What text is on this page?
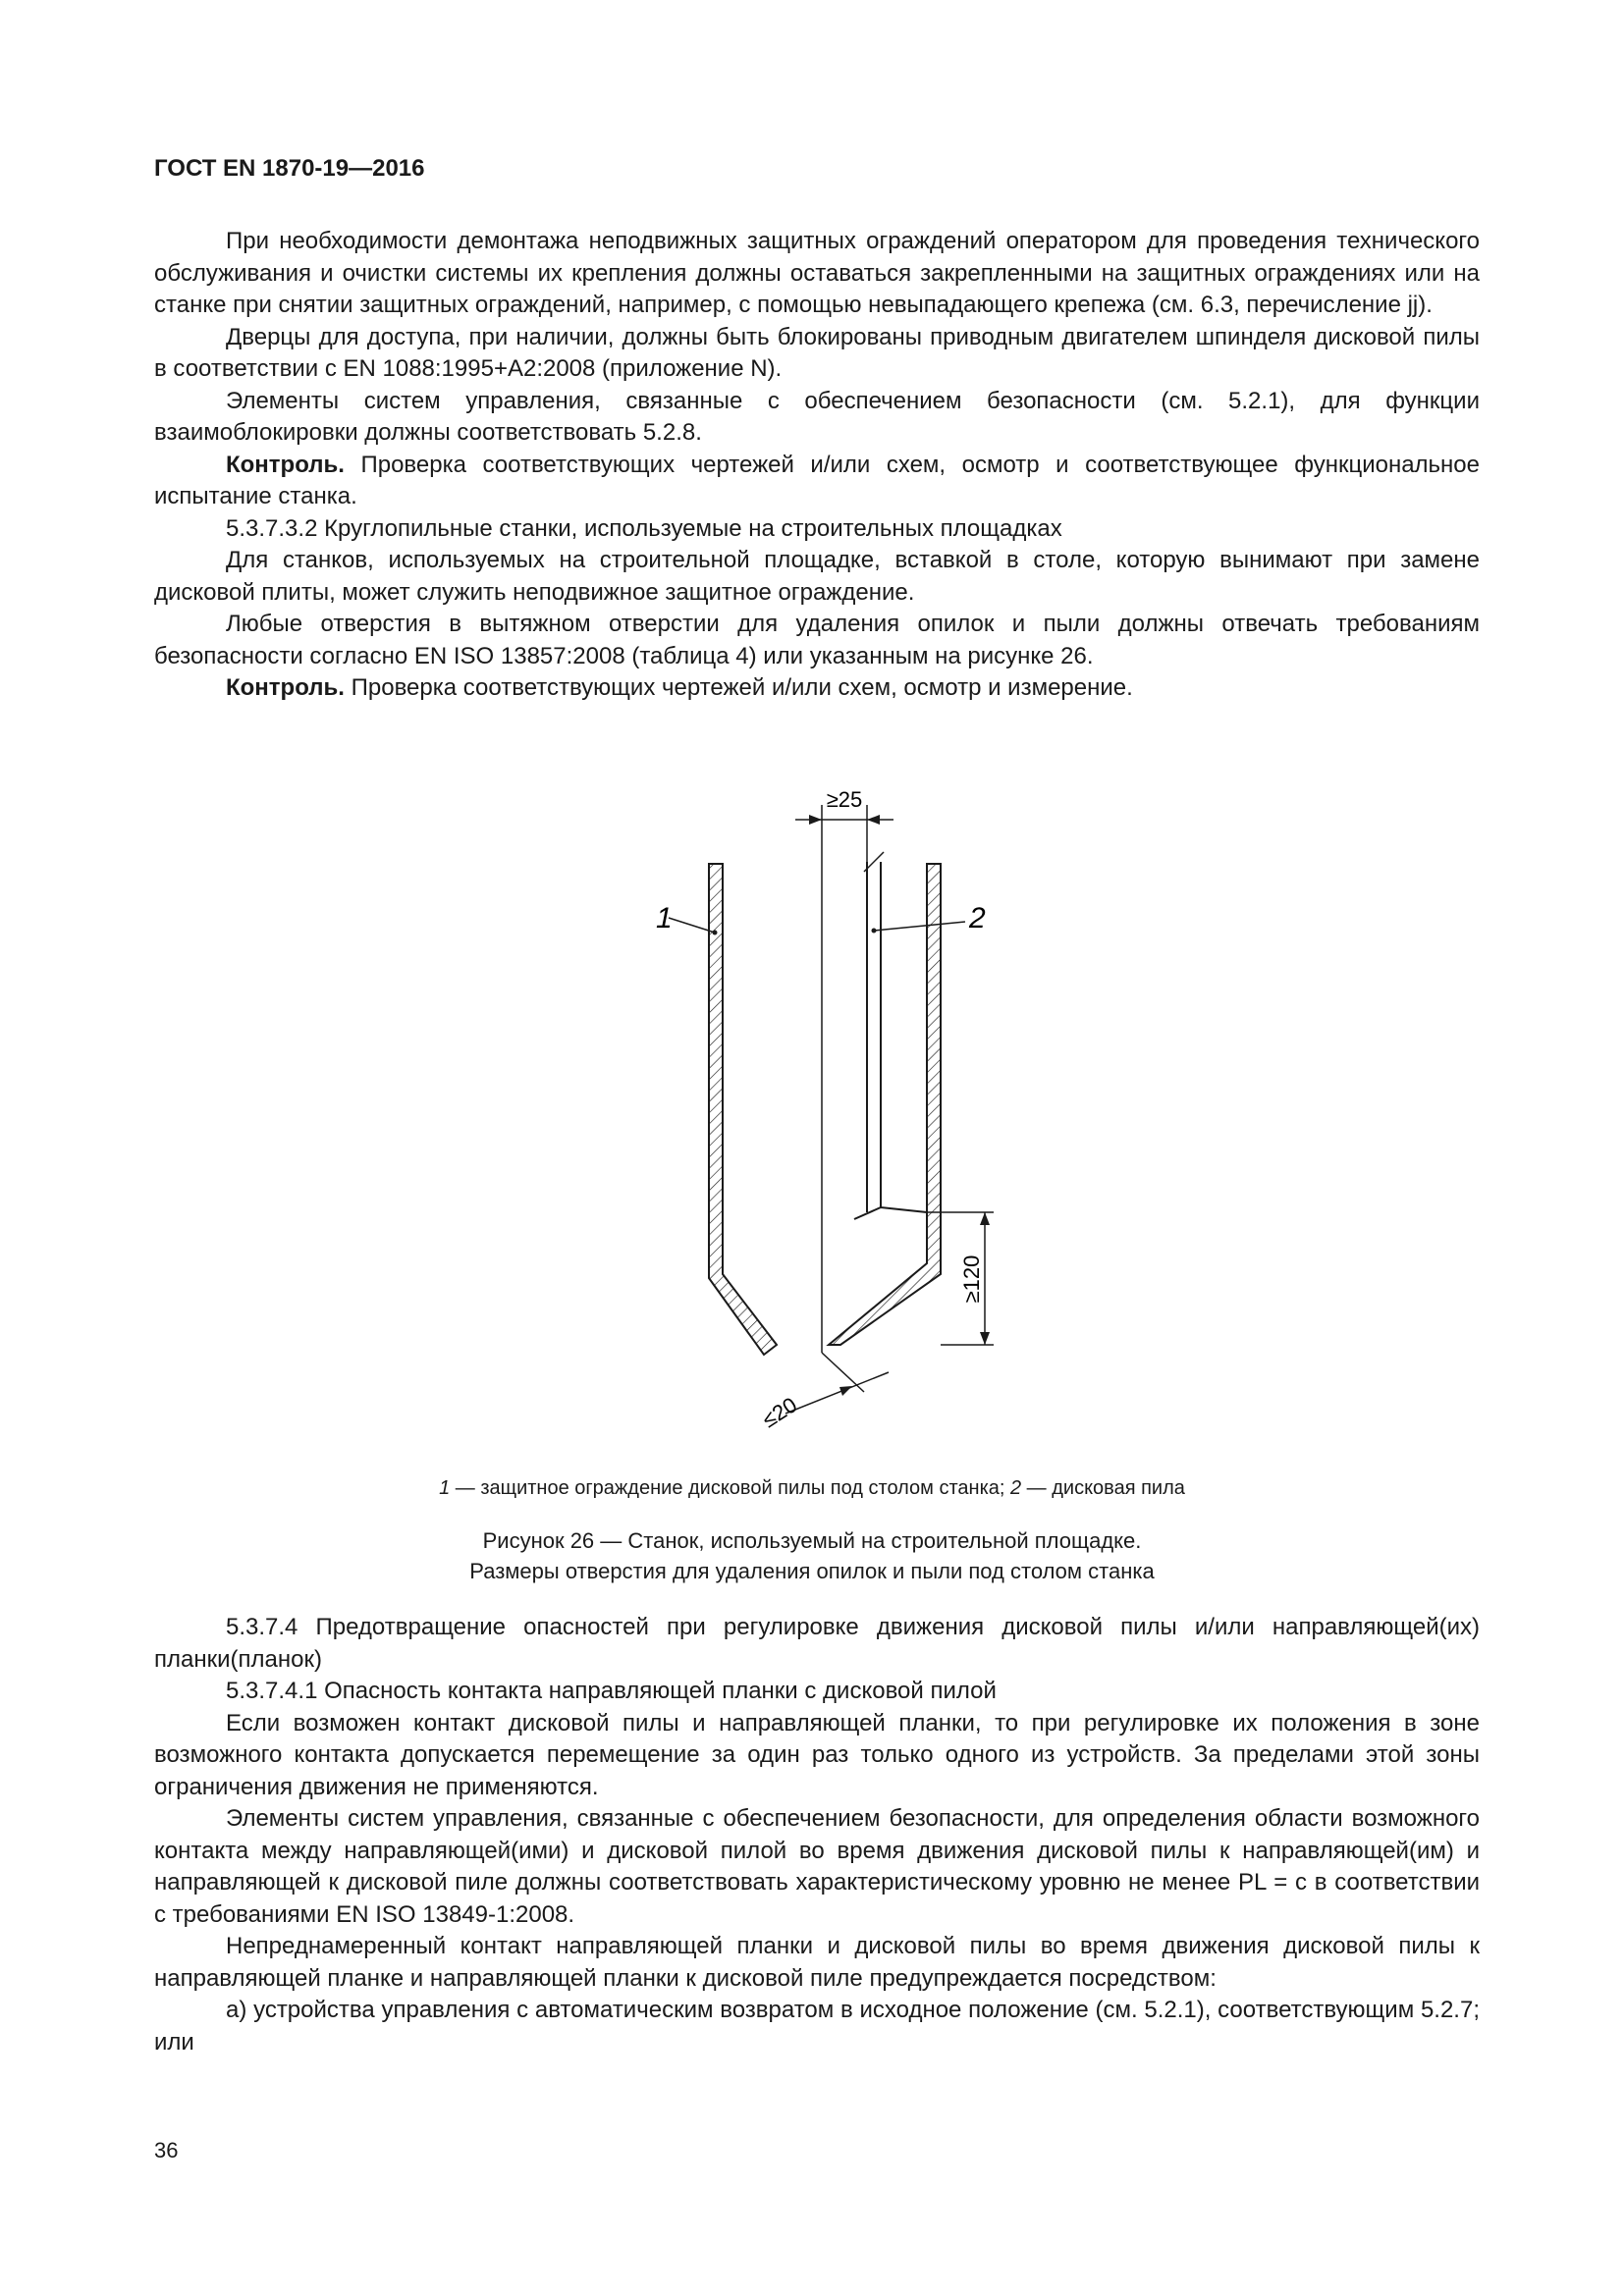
ГОСТ EN 1870-19—2016

При необходимости демонтажа неподвижных защитных ограждений оператором для проведения технического обслуживания и очистки системы их крепления должны оставаться закрепленными на защитных ограждениях или на станке при снятии защитных ограждений, например, с помощью невыпадающего крепежа (см. 6.3, перечисление jj).

Дверцы для доступа, при наличии, должны быть блокированы приводным двигателем шпинделя дисковой пилы в соответствии с EN 1088:1995+A2:2008 (приложение N).

Элементы систем управления, связанные с обеспечением безопасности (см. 5.2.1), для функции взаимоблокировки должны соответствовать 5.2.8.

Контроль. Проверка соответствующих чертежей и/или схем, осмотр и соответствующее функциональное испытание станка.

5.3.7.3.2 Круглопильные станки, используемые на строительных площадках

Для станков, используемых на строительной площадке, вставкой в столе, которую вынимают при замене дисковой плиты, может служить неподвижное защитное ограждение.

Любые отверстия в вытяжном отверстии для удаления опилок и пыли должны отвечать требованиям безопасности согласно EN ISO 13857:2008 (таблица 4) или указанным на рисунке 26.

Контроль. Проверка соответствующих чертежей и/или схем, осмотр и измерение.

≥25
≥120
≤20
1	2
1 — защитное ограждение дисковой пилы под столом станка; 2 — дисковая пила
Рисунок 26 — Станок, используемый на строительной площадке.
Размеры отверстия для удаления опилок и пыли под столом станка

5.3.7.4 Предотвращение опасностей при регулировке движения дисковой пилы и/или направляющей(их) планки(планок)

5.3.7.4.1 Опасность контакта направляющей планки с дисковой пилой

Если возможен контакт дисковой пилы и направляющей планки, то при регулировке их положения в зоне возможного контакта допускается перемещение за один раз только одного из устройств. За пределами этой зоны ограничения движения не применяются.

Элементы систем управления, связанные с обеспечением безопасности, для определения области возможного контакта между направляющей(ими) и дисковой пилой во время движения дисковой пилы к направляющей(им) и направляющей к дисковой пиле должны соответствовать характеристическому уровню не менее PL = c в соответствии с требованиями EN ISO 13849-1:2008.

Непреднамеренный контакт направляющей планки и дисковой пилы во время движения дисковой пилы к направляющей планке и направляющей планки к дисковой пиле предупреждается посредством:

a) устройства управления с автоматическим возвратом в исходное положение (см. 5.2.1), соответствующим 5.2.7; или

36
